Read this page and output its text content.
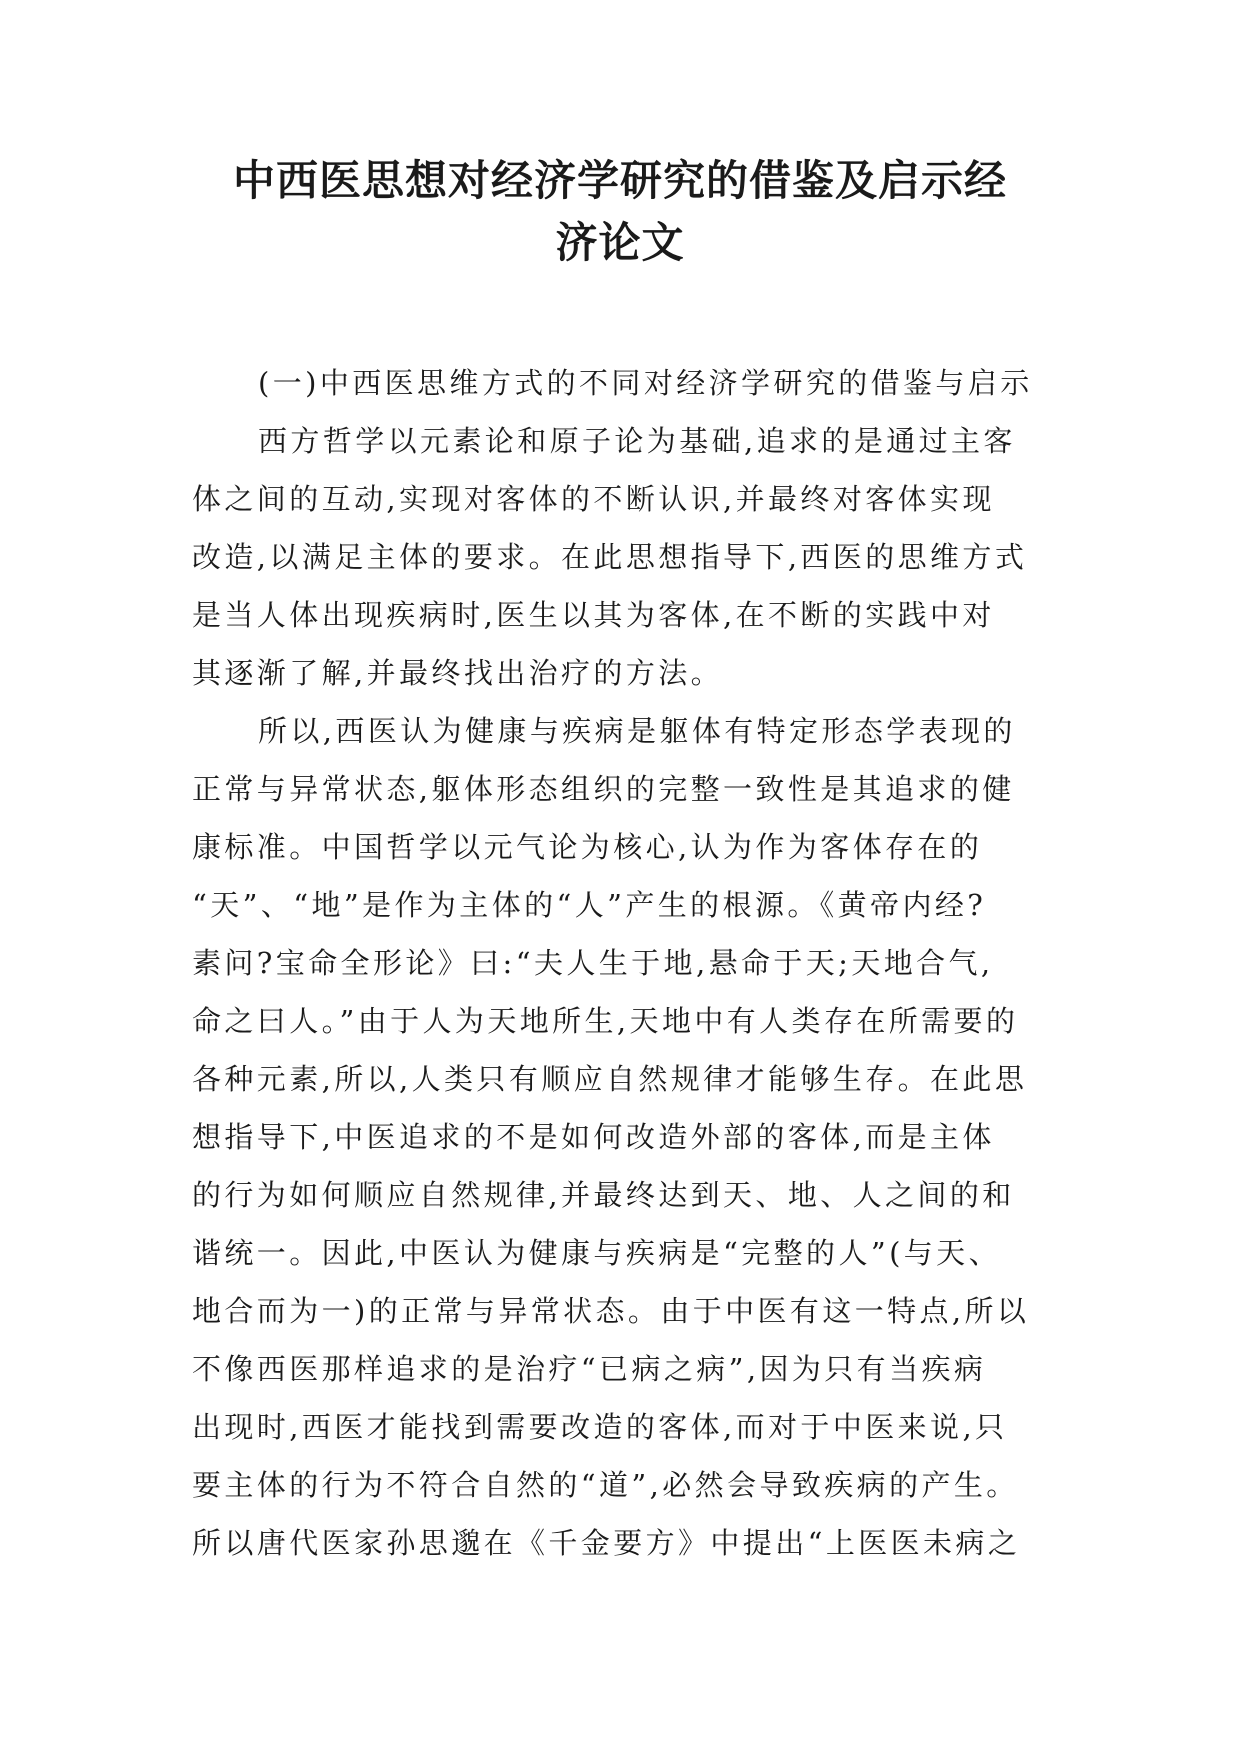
中西医思想对经济学研究的借鉴及启示经
济论文
(一)中西医思维方式的不同对经济学研究的借鉴与启示
西方哲学以元素论和原子论为基础,追求的是通过主客
体之间的互动,实现对客体的不断认识,并最终对客体实现
改造,以满足主体的要求。在此思想指导下,西医的思维方式
是当人体出现疾病时,医生以其为客体,在不断的实践中对
其逐渐了解,并最终找出治疗的方法。
所以,西医认为健康与疾病是躯体有特定形态学表现的
正常与异常状态,躯体形态组织的完整一致性是其追求的健
康标准。中国哲学以元气论为核心,认为作为客体存在的
“天”、“地”是作为主体的“人”产生的根源。《黄帝内经?
素问?宝命全形论》曰:“夫人生于地,悬命于天;天地合气,
命之曰人。”由于人为天地所生,天地中有人类存在所需要的
各种元素,所以,人类只有顺应自然规律才能够生存。在此思
想指导下,中医追求的不是如何改造外部的客体,而是主体
的行为如何顺应自然规律,并最终达到天、地、人之间的和
谐统一。因此,中医认为健康与疾病是“完整的人”(与天、
地合而为一)的正常与异常状态。由于中医有这一特点,所以
不像西医那样追求的是治疗“已病之病”,因为只有当疾病
出现时,西医才能找到需要改造的客体,而对于中医来说,只
要主体的行为不符合自然的“道”,必然会导致疾病的产生。
所以唐代医家孙思邈在《千金要方》中提出“上医医未病之
